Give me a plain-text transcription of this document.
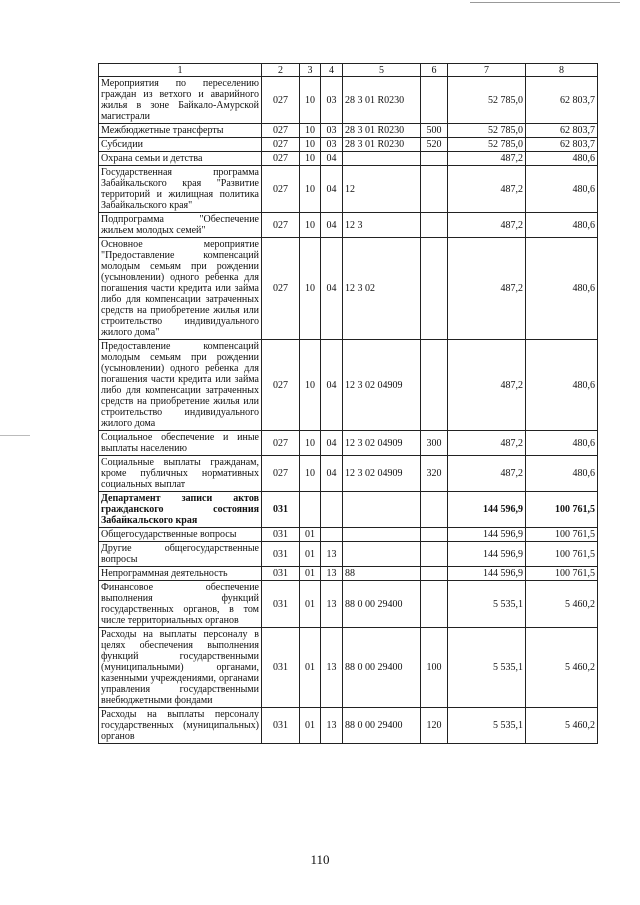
1	2	3	4	5	6	7	8
Мероприятия по переселению граждан из ветхого и аварийного жилья в зоне Байкало-Амурской магистрали	027	10	03	28 3 01 R0230		52 785,0	62 803,7
Межбюджетные трансферты	027	10	03	28 3 01 R0230	500	52 785,0	62 803,7
Субсидии	027	10	03	28 3 01 R0230	520	52 785,0	62 803,7
Охрана семьи и детства	027	10	04			487,2	480,6
Государственная программа Забайкальского края "Развитие территорий и жилищная политика Забайкальского края"	027	10	04	12		487,2	480,6
Подпрограмма "Обеспечение жильем молодых семей"	027	10	04	12 3		487,2	480,6
Основное мероприятие "Предоставление компенсаций молодым семьям при рождении (усыновлении) одного ребенка для погашения части кредита или займа либо для компенсации затраченных средств на приобретение жилья или строительство индивидуального жилого дома"	027	10	04	12 3 02		487,2	480,6
Предоставление компенсаций молодым семьям при рождении (усыновлении) одного ребенка для погашения части кредита или займа либо для компенсации затраченных средств на приобретение жилья или строительство индивидуального жилого дома	027	10	04	12 3 02 04909		487,2	480,6
Социальное обеспечение и иные выплаты населению	027	10	04	12 3 02 04909	300	487,2	480,6
Социальные выплаты гражданам, кроме публичных нормативных социальных выплат	027	10	04	12 3 02 04909	320	487,2	480,6
Департамент записи актов гражданского состояния Забайкальского края	031					144 596,9	100 761,5
Общегосударственные вопросы	031	01				144 596,9	100 761,5
Другие общегосударственные вопросы	031	01	13			144 596,9	100 761,5
Непрограммная деятельность	031	01	13	88		144 596,9	100 761,5
Финансовое обеспечение выполнения функций государственных органов, в том числе территориальных органов	031	01	13	88 0 00 29400		5 535,1	5 460,2
Расходы на выплаты персоналу в целях обеспечения выполнения функций государственными (муниципальными) органами, казенными учреждениями, органами управления государственными внебюджетными фондами	031	01	13	88 0 00 29400	100	5 535,1	5 460,2
Расходы на выплаты персоналу государственных (муниципальных) органов	031	01	13	88 0 00 29400	120	5 535,1	5 460,2
110
